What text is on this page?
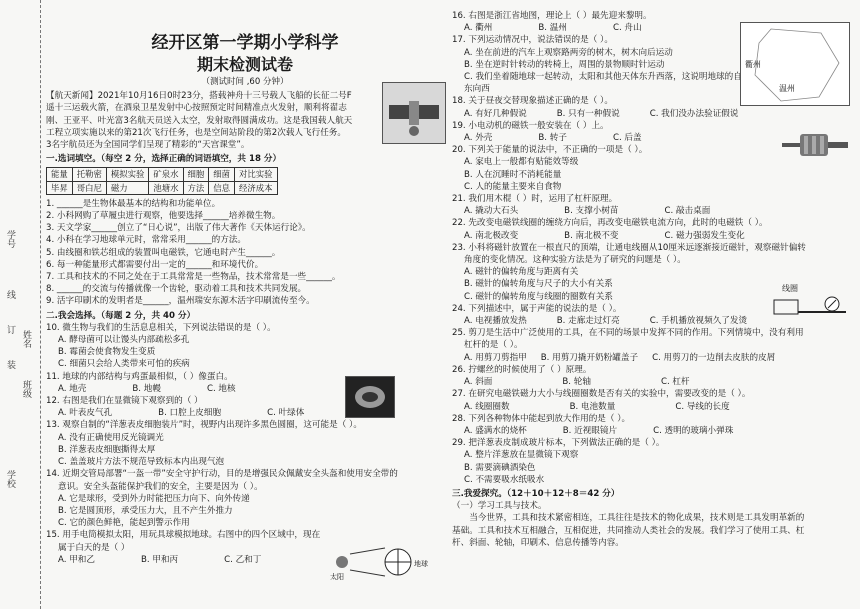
学号
线
订
姓名
装
班级
学校
经开区第一学期小学科学
期末检测试卷
（测试时间 ,60 分钟）
【航天新闻】2021年10月16日0时23分，搭载神舟十三号载人飞船的长征二号F
遥十三运载火箭，在酒泉卫星发射中心按照预定时间精准点火发射，顺利将翟志
刚、王亚平、叶光富3名航天员送入太空，发射取得圆满成功。这是我国载人航天
工程立项实施以来的第21次飞行任务，也是空间站阶段的第2次载人飞行任务。
3名宇航员还为全国同学们呈现了精彩的“天宫课堂”。
一.选词填空。（每空 2 分，选择正确的词语填空，共 18 分）
能量	托勒密	模拟实验	矿泉水	细胞	细菌	对比实验
毕昇	哥白尼	磁力	池塘水	方法	信息	经济成本
1. ______是生物体最基本的结构和功能单位。
2. 小科网购了草履虫进行观察，他要选择______培养微生物。
3. 天文学家______创立了“日心说”，出版了伟大著作《天体运行论》。
4. 小科在学习地球单元时，常常采用______的方法。
5. 由线圈和铁芯组成的装置叫电磁铁，它通电时产生______。
6. 每一种能量形式都需要付出一定的______和环境代价。
7. 工具和技术的不同之处在于工具常常是一些物品，技术常常是一些______。
8. ______的交流与传播就像一个齿轮，驱动着工具和技术共同发展。
9. 活字印刷术的发明者是______，温州瑞安东源木活字印刷流传至今。
二.我会选择。（每题 2 分，共 40 分）
10. 微生物与我们的生活息息相关，下列说法错误的是（ ）。
A. 酵母菌可以让馒头内部疏松多孔
B. 霉菌会使食物发生变质
C. 细菌只会给人类带来可怕的疾病
11. 地球的内部结构与鸡蛋最相似，（ ）像蛋白。
A. 地壳	B. 地幔	C. 地核
12. 右图是我们在显微镜下观察到的（ ）
A. 叶表皮气孔	B. 口腔上皮细胞	C. 叶绿体
13. 观察自制的“洋葱表皮细胞装片”时，视野内出现许多黑色圆圈，这可能是（ ）。
A. 没有正确使用反光镜调光
B. 洋葱表皮细胞撕得太厚
C. 盖盖玻片方法不规范导致标本内出现气泡
14. 近期交管局部署“一盔一带”安全守护行动，目的是增强民众佩戴安全头盔和使用安全带的
意识。安全头盔能保护我们的安全，主要是因为（ ）。
A. 它是球形，受到外力时能把压力向下、向外传递
B. 它是圆顶形，承受压力大，且不产生外推力
C. 它的颜色鲜艳，能起到警示作用
15. 用手电筒模拟太阳，用玩具球模拟地球。右图中的四个区域中，现在
属于白天的是（ ）
A. 甲和乙	B. 甲和丙	C. 乙和丁
太阳
地球
16. 右图是浙江省地图，理论上（ ）最先迎来黎明。
A. 衢州	B. 温州	C. 舟山
17. 下列运动情况中，说法错误的是（ ）。
A. 坐在前进的汽车上观察路两旁的树木，树木向后运动
B. 坐在逆时针转动的转椅上，周围的景物顺时针运动
C. 我们坐着随地球一起转动，太阳和其他天体东升西落，这说明地球的自转方向是自
东向西
18. 关于昼夜交替现象描述正确的是（ ）。
A. 有好几种假说	B. 只有一种假说	C. 我们没办法验证假说
19. 小电动机的磁铁一般安装在（ ）上。
A. 外壳	B. 转子	C. 后盖
20. 下列关于能量的说法中，不正确的一项是（ ）。
A. 家电上一般都有贴能效等级
B. 人在沉睡时不消耗能量
C. 人的能量主要来自食物
21. 我们用木棍（ ）时，运用了杠杆原理。
A. 撬动大石头	B. 支撑小树苗	C. 敲击桌面
22. 先改变电磁铁线圈的缠绕方向后，再改变电磁铁电流方向，此时的电磁铁（ ）。
A. 南北极改变	B. 南北极不变	C. 磁力强弱发生变化
23. 小科将磁针放置在一根直尺的顶端，让通电线圈从10厘米远逐渐接近磁针，观察磁针偏转
角度的变化情况。这种实验方法是为了研究的问题是（ ）。
A. 磁针的偏转角度与距离有关
B. 磁针的偏转角度与尺子的大小有关系
C. 磁针的偏转角度与线圈的圈数有关系
24. 下列描述中，属于声能的说法的是（ ）。
A. 电视播放发热	B. 走廊走过灯亮	C. 手机播放视频久了发烫
25. 剪刀是生活中广泛使用的工具，在不同的场景中发挥不同的作用。下列情境中，没有利用
杠杆的是（ ）。
A. 用剪刀剪指甲 B. 用剪刀撬开奶粉罐盖子 C. 用剪刀的一边削去皮肤的皮屑
26. 拧螺丝的时候使用了（ ）原理。
A. 斜面	B. 轮轴	C. 杠杆
27. 在研究电磁铁磁力大小与线圈圈数是否有关的实验中，需要改变的是（ ）。
A. 线圈圈数	B. 电池数量	C. 导线的长度
28. 下列各种物体中能起到放大作用的是（ ）。
A. 盛满水的烧杯	B. 近视眼镜片	C. 透明的玻璃小弹珠
29. 把洋葱表皮制成玻片标本，下列做法正确的是（ ）。
A. 整片洋葱放在显微镜下观察
B. 需要滴碘酒染色
C. 不需要吸水纸吸水
三.我爱探究。（12＋10＋12＋8＝42 分）
（一）学习工具与技术。
当今世界，工具和技术紧密相连，工具往往是技术的物化成果，技术则是工具发明革新的
基础。工具和技术互相融合，互相促进，共同推动人类社会的发展。我们学习了使用工具、杠
杆、斜面、轮轴，印刷术、信息传播等内容。
衢州
温州
线圈
